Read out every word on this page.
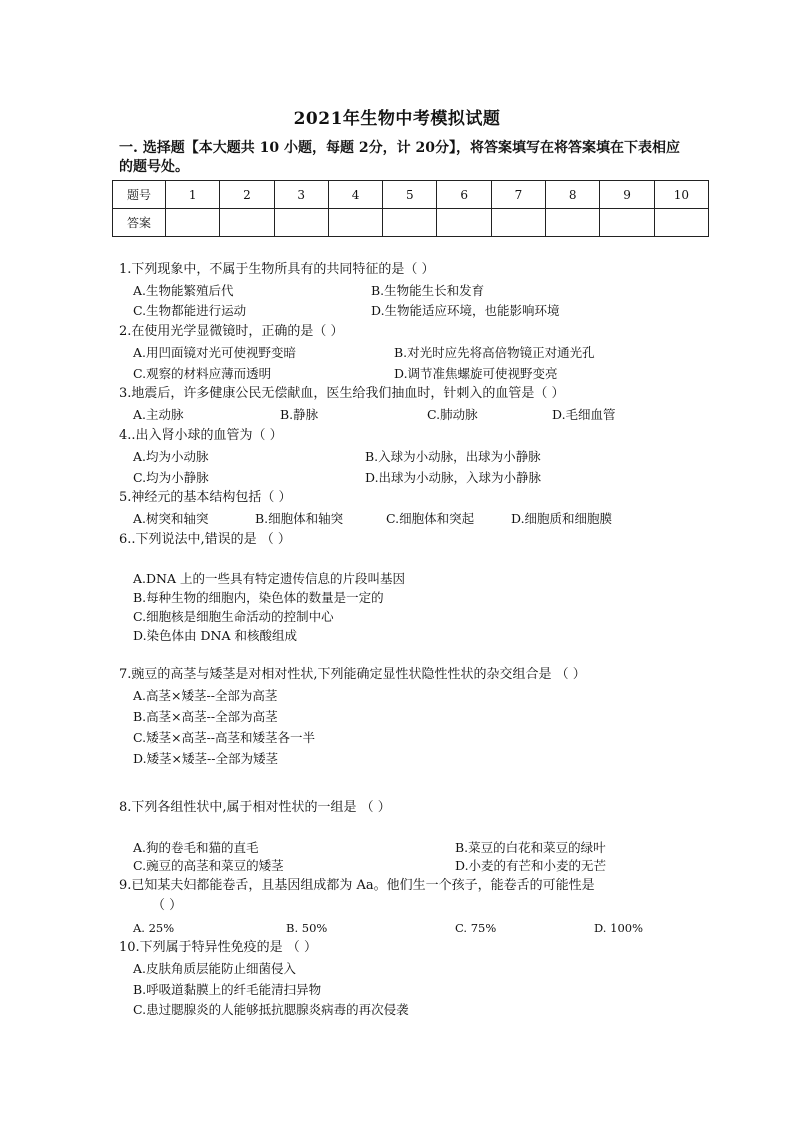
2021年生物中考模拟试题
一. 选择题【本大题共 10 小题，每题 2分，计 20分】，将答案填写在将答案填在下表相应的题号处。
题号	1	2	3	4	5	6	7	8	9	10
答案										
1.下列现象中，不属于生物所具有的共同特征的是（ ）
A.生物能繁殖后代	B.生物能生长和发育
C.生物都能进行运动	D.生物能适应环境，也能影响环境
2.在使用光学显微镜时，正确的是（ ）
A.用凹面镜对光可使视野变暗	B.对光时应先将高倍物镜正对通光孔
C.观察的材料应薄而透明	D.调节准焦螺旋可使视野变亮
3.地震后，许多健康公民无偿献血，医生给我们抽血时，针刺入的血管是（ ）
A.主动脉	B.静脉	C.肺动脉	D.毛细血管
4..出入肾小球的血管为（ ）
A.均为小动脉	B.入球为小动脉，出球为小静脉
C.均为小静脉	D.出球为小动脉，入球为小静脉
5.神经元的基本结构包括（ ）
A.树突和轴突	B.细胞体和轴突	C.细胞体和突起	D.细胞质和细胞膜
6..下列说法中,错误的是 （ ）
A.DNA 上的一些具有特定遗传信息的片段叫基因
B.每种生物的细胞内，染色体的数量是一定的
C.细胞核是细胞生命活动的控制中心
D.染色体由 DNA 和核酸组成
7.豌豆的高茎与矮茎是对相对性状,下列能确定显性状隐性性状的杂交组合是 （ ）
A.高茎×矮茎--全部为高茎
B.高茎×高茎--全部为高茎
C.矮茎×高茎--高茎和矮茎各一半
D.矮茎×矮茎--全部为矮茎
8.下列各组性状中,属于相对性状的一组是 （ ）
A.狗的卷毛和猫的直毛	B.菜豆的白花和菜豆的绿叶
C.豌豆的高茎和菜豆的矮茎	D.小麦的有芒和小麦的无芒
9.已知某夫妇都能卷舌，且基因组成都为 Aa。他们生一个孩子，能卷舌的可能性是
（ ）
A. 25%	B. 50%	C. 75%	D. 100%
10.下列属于特异性免疫的是 （ ）
A.皮肤角质层能防止细菌侵入
B.呼吸道黏膜上的纤毛能清扫异物
C.患过腮腺炎的人能够抵抗腮腺炎病毒的再次侵袭
